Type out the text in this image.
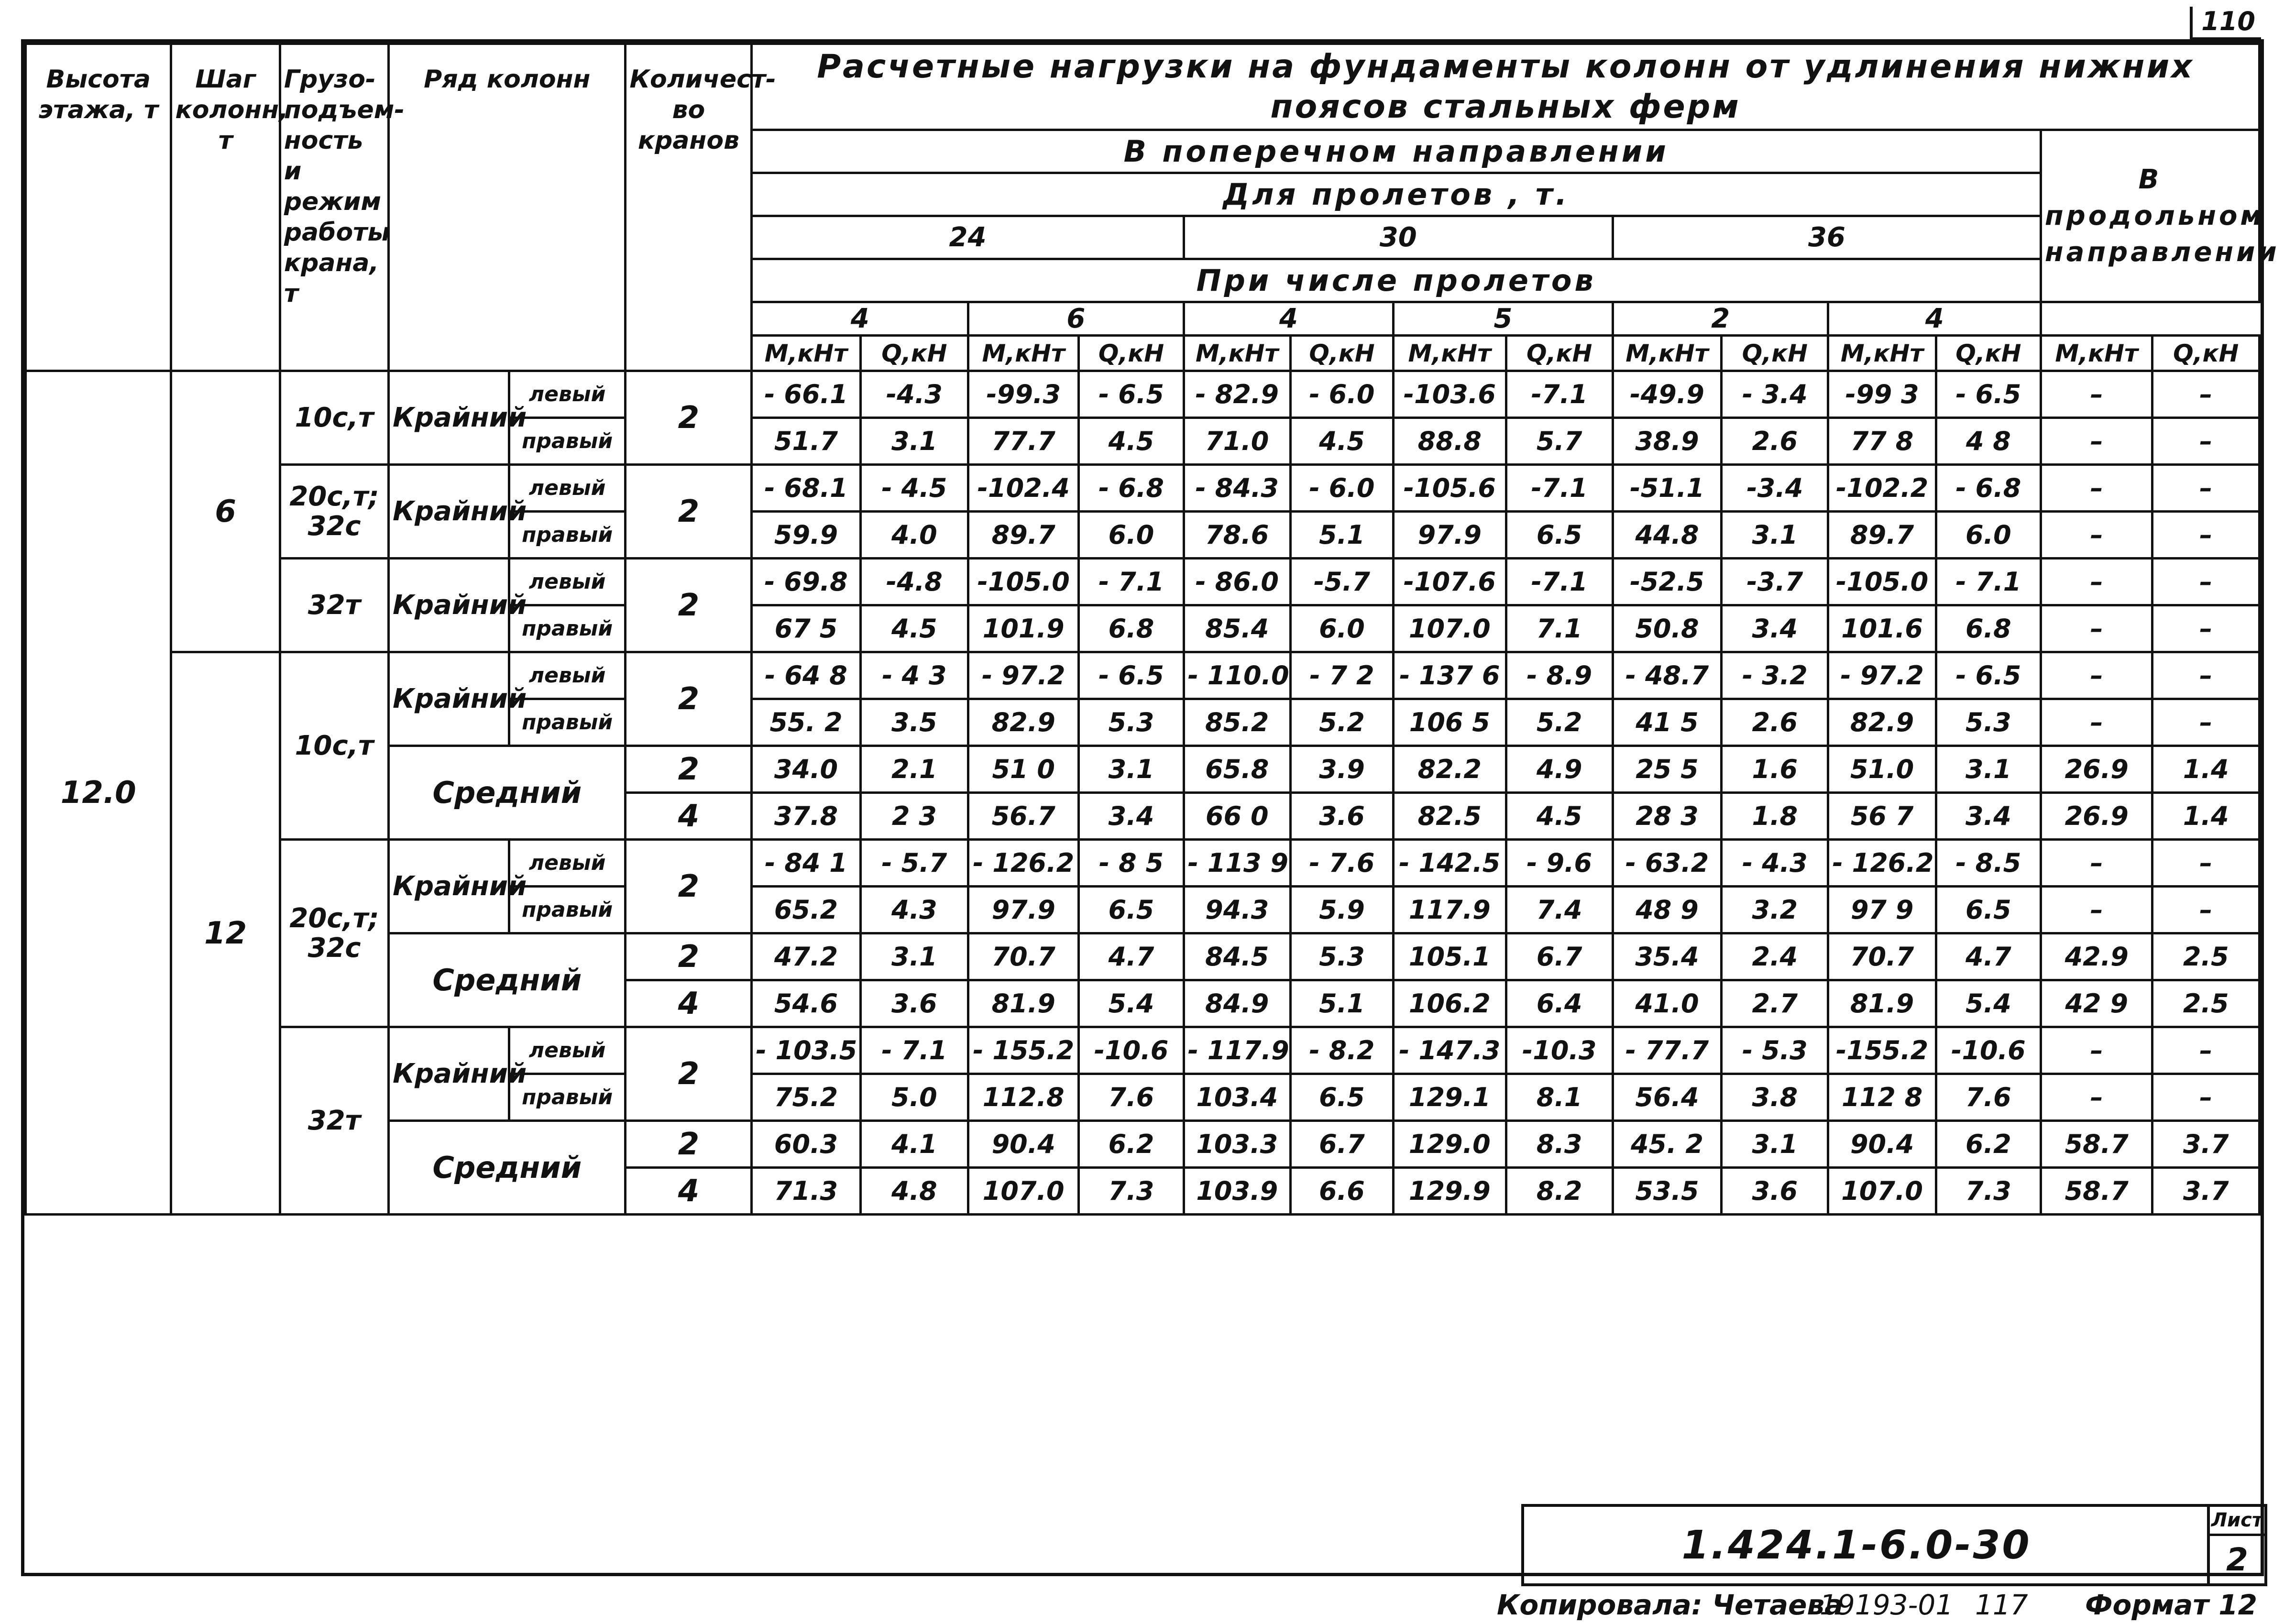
110
Высота этажа, т	Шаг колонн, т	Грузо-подъем-ность и режим работы крана, т	Ряд колонн		Количест-во кранов	Расчетные нагрузки на фундаменты колонн от удлинения нижних поясов стальных ферм													

						В поперечном направлении												В продольном направлении	
						Для пролетов , т.													
						24				30				36					
						При числе пролетов													
						4		6		4		5		2		4			
						М,кНт	Q,кН	М,кНт	Q,кН	М,кНт	Q,кН	М,кНт	Q,кН	М,кНт	Q,кН	М,кНт	Q,кН	М,кНт	Q,кН
12.0	6	10с,т	Крайний	левый	2	- 66.1	-4.3	-99.3	- 6.5	- 82.9	- 6.0	-103.6	-7.1	-49.9	- 3.4	-99 3	- 6.5	–	–
				правый		51.7	3.1	77.7	4.5	71.0	4.5	88.8	5.7	38.9	2.6	77 8	4 8	–	–
		20с,т; 32с	Крайний	левый	2	- 68.1	- 4.5	-102.4	- 6.8	- 84.3	- 6.0	-105.6	-7.1	-51.1	-3.4	-102.2	- 6.8	–	–
				правый		59.9	4.0	89.7	6.0	78.6	5.1	97.9	6.5	44.8	3.1	89.7	6.0	–	–
		32т	Крайний	левый	2	- 69.8	-4.8	-105.0	- 7.1	- 86.0	-5.7	-107.6	-7.1	-52.5	-3.7	-105.0	- 7.1	–	–
				правый		67 5	4.5	101.9	6.8	85.4	6.0	107.0	7.1	50.8	3.4	101.6	6.8	–	–
	12	10с,т	Крайний	левый	2	- 64 8	- 4 3	- 97.2	- 6.5	- 110.0	- 7 2	- 137 6	- 8.9	- 48.7	- 3.2	- 97.2	- 6.5	–	–
				правый		55. 2	3.5	82.9	5.3	85.2	5.2	106 5	5.2	41 5	2.6	82.9	5.3	–	–
			Средний		2	34.0	2.1	51 0	3.1	65.8	3.9	82.2	4.9	25 5	1.6	51.0	3.1	26.9	1.4
					4	37.8	2 3	56.7	3.4	66 0	3.6	82.5	4.5	28 3	1.8	56 7	3.4	26.9	1.4
		20с,т; 32с	Крайний	левый	2	- 84 1	- 5.7	- 126.2	- 8 5	- 113 9	- 7.6	- 142.5	- 9.6	- 63.2	- 4.3	- 126.2	- 8.5	–	–
				правый		65.2	4.3	97.9	6.5	94.3	5.9	117.9	7.4	48 9	3.2	97 9	6.5	–	–
			Средний		2	47.2	3.1	70.7	4.7	84.5	5.3	105.1	6.7	35.4	2.4	70.7	4.7	42.9	2.5
					4	54.6	3.6	81.9	5.4	84.9	5.1	106.2	6.4	41.0	2.7	81.9	5.4	42 9	2.5
		32т	Крайний	левый	2	- 103.5	- 7.1	- 155.2	-10.6	- 117.9	- 8.2	- 147.3	-10.3	- 77.7	- 5.3	-155.2	-10.6	–	–
				правый		75.2	5.0	112.8	7.6	103.4	6.5	129.1	8.1	56.4	3.8	112 8	7.6	–	–
			Средний		2	60.3	4.1	90.4	6.2	103.3	6.7	129.0	8.3	45. 2	3.1	90.4	6.2	58.7	3.7
					4	71.3	4.8	107.0	7.3	103.9	6.6	129.9	8.2	53.5	3.6	107.0	7.3	58.7	3.7
1.424.1-6.0-30
Лист
2
Копировала: Четаева
19193-01 117 Формат 12
